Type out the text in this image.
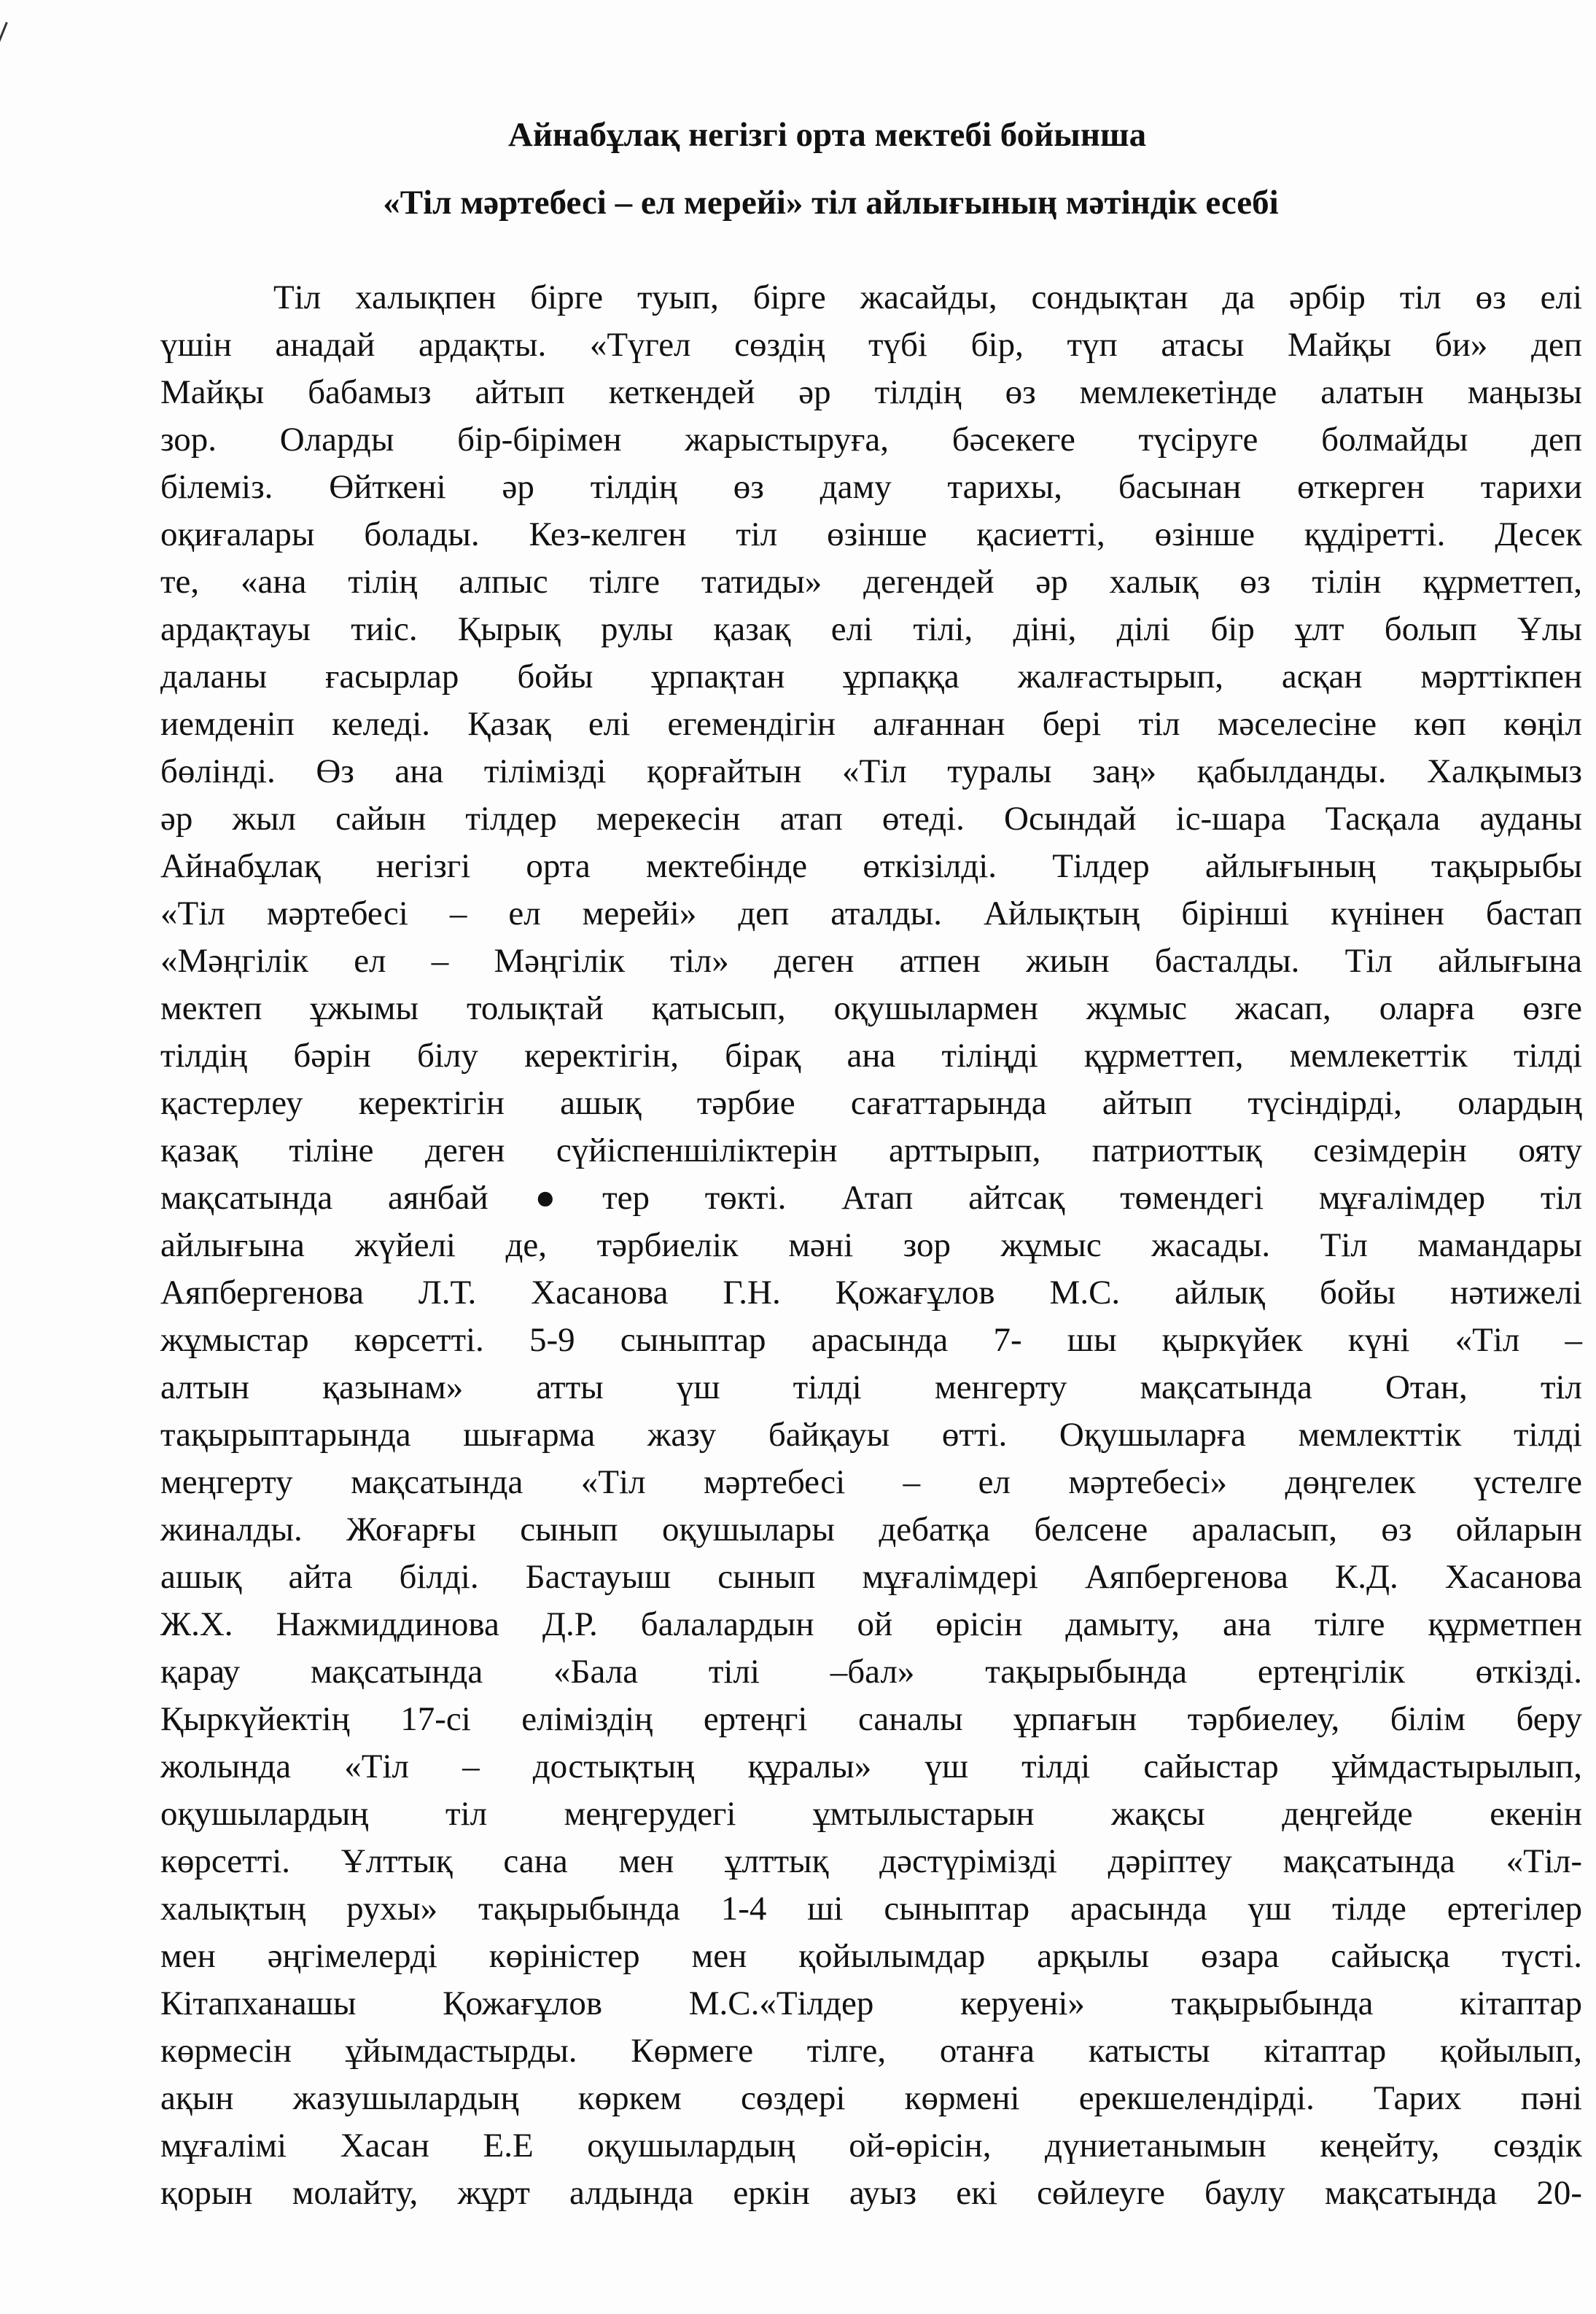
Айнабұлақ негізгі орта мектебі бойынша
«Тіл мәртебесі – ел мерейі» тіл айлығының мәтіндік есебі
Тіл халықпен бірге туып, бірге жасайды, сондықтан да әрбір тіл өз елі
үшін анадай ардақты. «Түгел сөздің түбі бір, түп атасы Майқы би» деп
Майқы бабамыз айтып кеткендей әр тілдің өз мемлекетінде алатын маңызы
зор. Оларды бір-бірімен жарыстыруға, бәсекеге түсіруге болмайды деп
білеміз. Өйткені әр тілдің өз даму тарихы, басынан өткерген тарихи
оқиғалары болады. Кез-келген тіл өзінше қасиетті, өзінше құдіретті. Десек
те, «ана тілің алпыс тілге татиды» дегендей әр халық өз тілін құрметтеп,
ардақтауы тиіс. Қырық рулы қазақ елі тілі, діні, ділі бір ұлт болып Ұлы
даланы ғасырлар бойы ұрпақтан ұрпаққа жалғастырып, асқан мәрттікпен
иемденіп келеді. Қазақ елі егемендігін алғаннан бері тіл мәселесіне көп көңіл
бөлінді. Өз ана тілімізді қорғайтын «Тіл туралы заң» қабылданды. Халқымыз
әр жыл сайын тілдер мерекесін атап өтеді. Осындай іс-шара Тасқала ауданы
Айнабұлақ негізгі орта мектебінде өткізілді. Тілдер айлығының тақырыбы
«Тіл мәртебесі – ел мерейі» деп аталды. Айлықтың бірінші күнінен бастап
«Мәңгілік ел – Мәңгілік тіл» деген атпен жиын басталды. Тіл айлығына
мектеп ұжымы толықтай қатысып, оқушылармен жұмыс жасап, оларға өзге
тілдің бәрін білу керектігін, бірақ ана тіліңді құрметтеп, мемлекеттік тілді
қастерлеу керектігін ашық тәрбие сағаттарында айтып түсіндірді, олардың
қазақ тіліне деген сүйіспеншіліктерін арттырып, патриоттық сезімдерін ояту
мақсатында аянбай●тер төкті. Атап айтсақ төмендегі мұғалімдер тіл
айлығына жүйелі де, тәрбиелік мәні зор жұмыс жасады. Тіл мамандары
Аяпбергенова Л.Т. Хасанова Г.Н. Қожағұлов М.С. айлық бойы нәтижелі
жұмыстар көрсетті. 5-9 сыныптар арасында 7- шы қыркүйек күні «Тіл –
алтын қазынам» атты үш тілді менгерту мақсатында Отан, тіл
тақырыптарында шығарма жазу байқауы өтті. Оқушыларға мемлекттік тілді
меңгерту мақсатында «Тіл мәртебесі – ел мәртебесі» дөңгелек үстелге
жиналды. Жоғарғы сынып оқушылары дебатқа белсене араласып, өз ойларын
ашық айта білді. Бастауыш сынып мұғалімдері Аяпбергенова К.Д. Хасанова
Ж.Х. Нажмиддинова Д.Р. балалардын ой өрісін дамыту, ана тілге құрметпен
қарау мақсатында «Бала тілі –бал» тақырыбында ертеңгілік өткізді.
Қыркүйектің 17-сі еліміздің ертеңгі саналы ұрпағын тәрбиелеу, білім беру
жолында «Тіл – достықтың құралы» үш тілді сайыстар ұймдастырылып,
оқушылардың тіл меңгерудегі ұмтылыстарын жақсы деңгейде екенін
көрсетті. Ұлттық сана мен ұлттық дәстүрімізді дәріптеу мақсатында «Тіл-
халықтың рухы» тақырыбында 1-4 ші сыныптар арасында үш тілде ертегілер
мен әңгімелерді көріністер мен қойылымдар арқылы өзара сайысқа түсті.
Кітапханашы Қожағұлов М.С.«Тілдер керуені» тақырыбында кітаптар
көрмесін ұйымдастырды. Көрмеге тілге, отанға катысты кітаптар қойылып,
ақын жазушылардың көркем сөздері көрмені ерекшелендірді. Тарих пәні
мұғалімі Хасан Е.Е оқушылардың ой-өрісін, дүниетанымын кеңейту, сөздік
қорын молайту, жұрт алдында еркін ауыз екі сөйлеуге баулу мақсатында 20-
